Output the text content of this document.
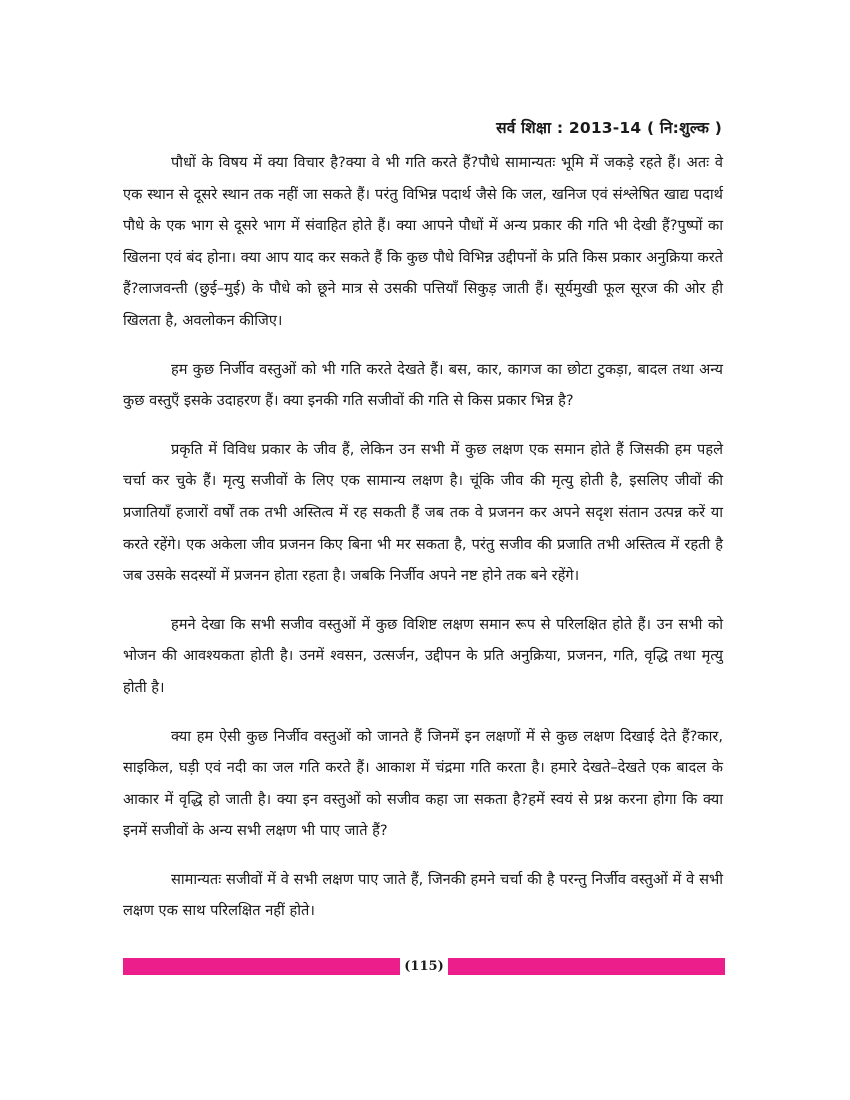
सर्व शिक्षा : 2013-14 ( नि:शुल्क )

पौधों के विषय में क्या विचार है?क्या वे भी गति करते हैं?पौधे सामान्यतः भूमि में जकड़े रहते हैं। अतः वे एक स्थान से दूसरे स्थान तक नहीं जा सकते हैं। परंतु विभिन्न पदार्थ जैसे कि जल, खनिज एवं संश्लेषित खाद्य पदार्थ पौधे के एक भाग से दूसरे भाग में संवाहित होते हैं। क्या आपने पौधों में अन्य प्रकार की गति भी देखी हैं?पुष्पों का खिलना एवं बंद होना। क्या आप याद कर सकते हैं कि कुछ पौधे विभिन्न उद्दीपनों के प्रति किस प्रकार अनुक्रिया करते हैं?लाजवन्ती (छुई–मुई) के पौधे को छूने मात्र से उसकी पत्तियाँ सिकुड़ जाती हैं। सूर्यमुखी फूल सूरज की ओर ही खिलता है, अवलोकन कीजिए।

हम कुछ निर्जीव वस्तुओं को भी गति करते देखते हैं। बस, कार, कागज का छोटा टुकड़ा, बादल तथा अन्य कुछ वस्तुएँ इसके उदाहरण हैं। क्या इनकी गति सजीवों की गति से किस प्रकार भिन्न है?

प्रकृति में विविध प्रकार के जीव हैं, लेकिन उन सभी में कुछ लक्षण एक समान होते हैं जिसकी हम पहले चर्चा कर चुके हैं। मृत्यु सजीवों के लिए एक सामान्य लक्षण है। चूंकि जीव की मृत्यु होती है, इसलिए जीवों की प्रजातियाँ हजारों वर्षों तक तभी अस्तित्व में रह सकती हैं जब तक वे प्रजनन कर अपने सदृश संतान उत्पन्न करें या करते रहेंगे। एक अकेला जीव प्रजनन किए बिना भी मर सकता है, परंतु सजीव की प्रजाति तभी अस्तित्व में रहती है जब उसके सदस्यों में प्रजनन होता रहता है। जबकि निर्जीव अपने नष्ट होने तक बने रहेंगे।

हमने देखा कि सभी सजीव वस्तुओं में कुछ विशिष्ट लक्षण समान रूप से परिलक्षित होते हैं। उन सभी को भोजन की आवश्यकता होती है। उनमें श्वसन, उत्सर्जन, उद्दीपन के प्रति अनुक्रिया, प्रजनन, गति, वृद्धि तथा मृत्यु होती है।

क्या हम ऐसी कुछ निर्जीव वस्तुओं को जानते हैं जिनमें इन लक्षणों में से कुछ लक्षण दिखाई देते हैं?कार, साइकिल, घड़ी एवं नदी का जल गति करते हैं। आकाश में चंद्रमा गति करता है। हमारे देखते–देखते एक बादल के आकार में वृद्धि हो जाती है। क्या इन वस्तुओं को सजीव कहा जा सकता है?हमें स्वयं से प्रश्न करना होगा कि क्या इनमें सजीवों के अन्य सभी लक्षण भी पाए जाते हैं?

सामान्यतः सजीवों में वे सभी लक्षण पाए जाते हैं, जिनकी हमने चर्चा की है परन्तु निर्जीव वस्तुओं में वे सभी लक्षण एक साथ परिलक्षित नहीं होते।

(115)
